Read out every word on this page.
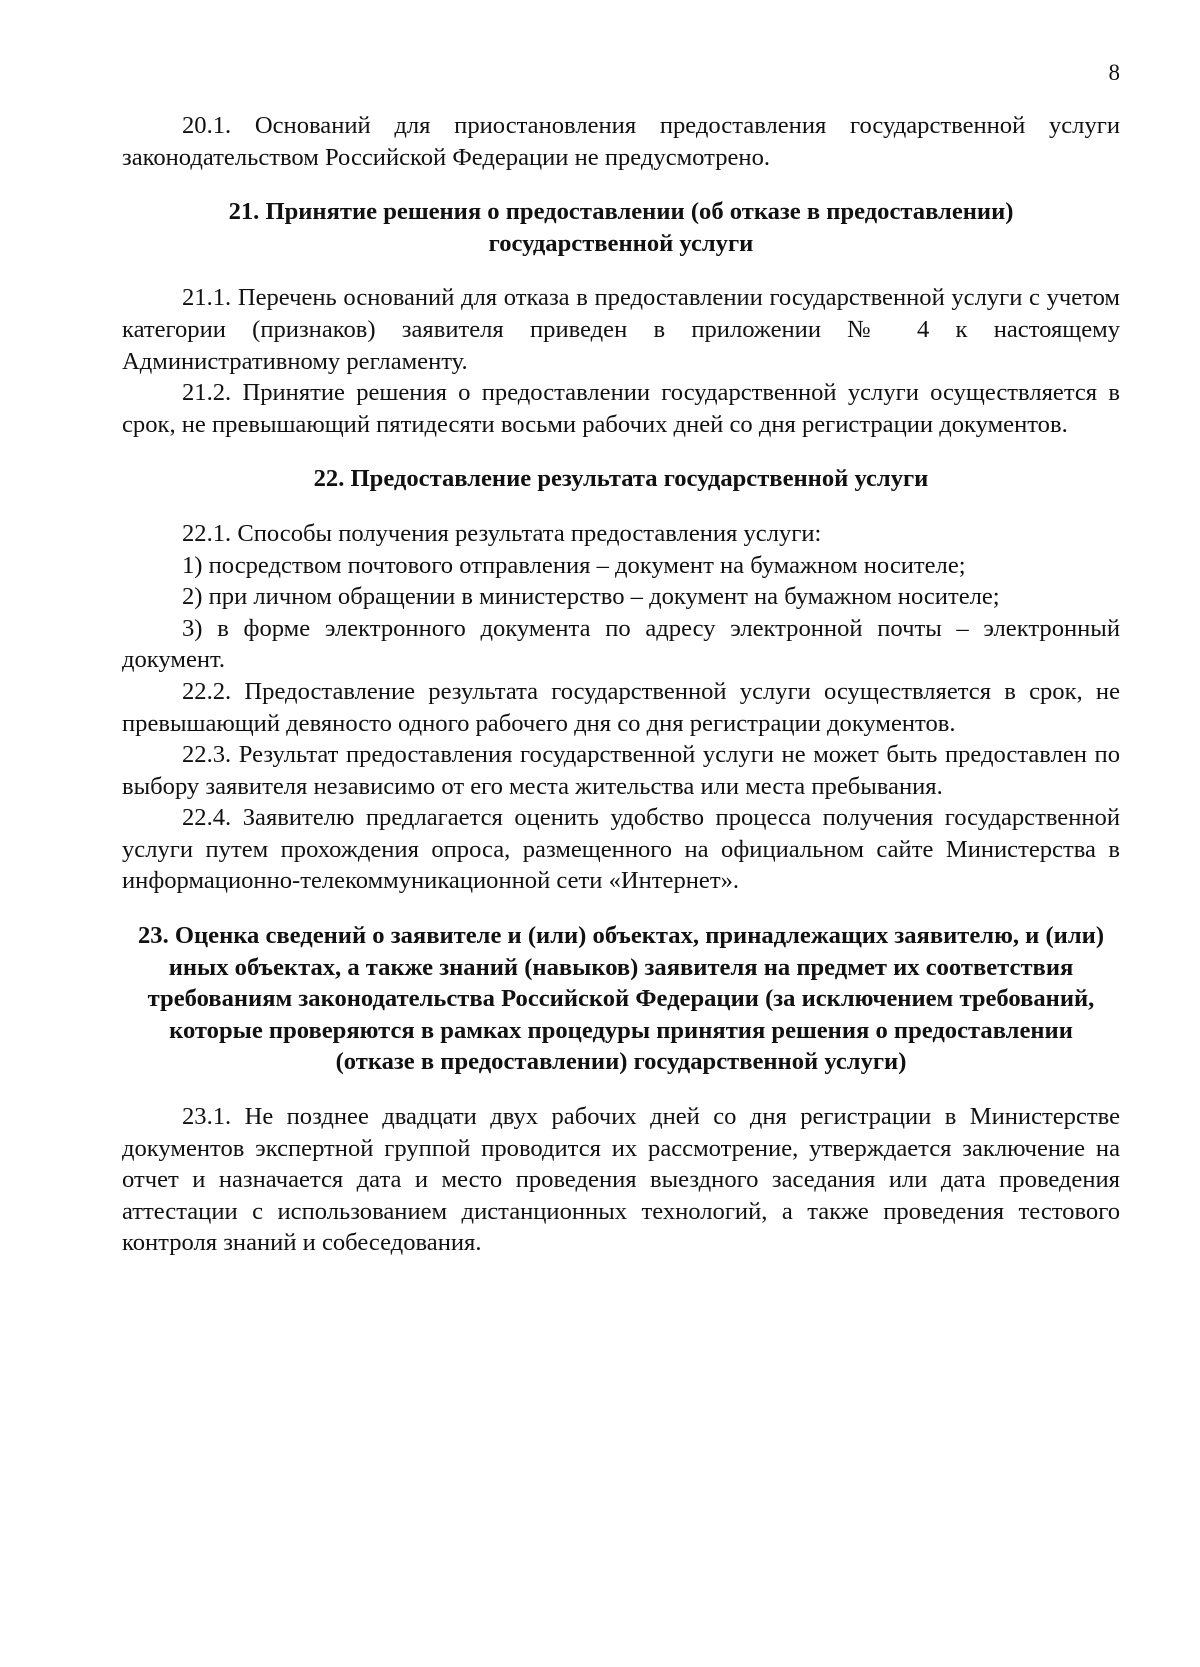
8

20.1. Оснований для приостановления предоставления государственной услуги законодательством Российской Федерации не предусмотрено.

21. Принятие решения о предоставлении (об отказе в предоставлении) государственной услуги

21.1. Перечень оснований для отказа в предоставлении государственной услуги с учетом категории (признаков) заявителя приведен в приложении № 4 к настоящему Административному регламенту.

21.2. Принятие решения о предоставлении государственной услуги осуществляется в срок, не превышающий пятидесяти восьми рабочих дней со дня регистрации документов.

22. Предоставление результата государственной услуги

22.1. Способы получения результата предоставления услуги:

1) посредством почтового отправления – документ на бумажном носителе;

2) при личном обращении в министерство – документ на бумажном носителе;

3) в форме электронного документа по адресу электронной почты – электронный документ.

22.2. Предоставление результата государственной услуги осуществляется в срок, не превышающий девяносто одного рабочего дня со дня регистрации документов.

22.3. Результат предоставления государственной услуги не может быть предоставлен по выбору заявителя независимо от его места жительства или места пребывания.

22.4. Заявителю предлагается оценить удобство процесса получения государственной услуги путем прохождения опроса, размещенного на официальном сайте Министерства в информационно-телекоммуникационной сети «Интернет».

23. Оценка сведений о заявителе и (или) объектах, принадлежащих заявителю, и (или) иных объектах, а также знаний (навыков) заявителя на предмет их соответствия требованиям законодательства Российской Федерации (за исключением требований, которые проверяются в рамках процедуры принятия решения о предоставлении (отказе в предоставлении) государственной услуги)

23.1. Не позднее двадцати двух рабочих дней со дня регистрации в Министерстве документов экспертной группой проводится их рассмотрение, утверждается заключение на отчет и назначается дата и место проведения выездного заседания или дата проведения аттестации с использованием дистанционных технологий, а также проведения тестового контроля знаний и собеседования.
